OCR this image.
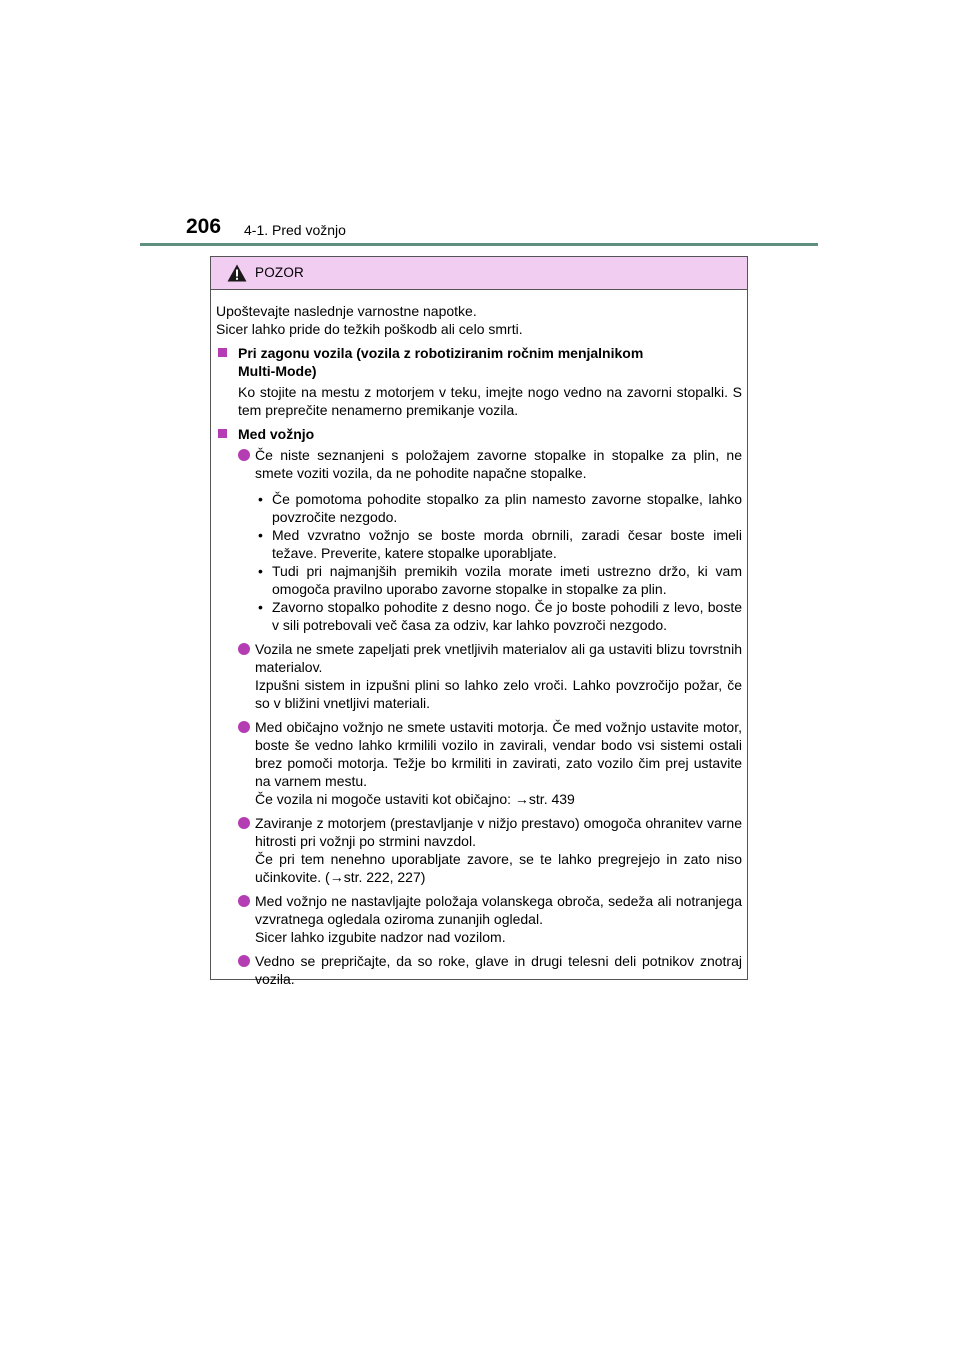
206 4-1. Pred vožnjo
POZOR

Upoštevajte naslednje varnostne napotke.

Sicer lahko pride do težkih poškodb ali celo smrti.

Pri zagonu vozila (vozila z robotiziranim ročnim menjalnikom
Multi-Mode)

Ko stojite na mestu z motorjem v teku, imejte nogo vedno na zavorni stopalki. S tem preprečite nenamerno premikanje vozila.

Med vožnjo

Če niste seznanjeni s položajem zavorne stopalke in stopalke za plin, ne smete voziti vozila, da ne pohodite napačne stopalke.
• Če pomotoma pohodite stopalko za plin namesto zavorne stopalke, lahko povzročite nezgodo.
• Med vzvratno vožnjo se boste morda obrnili, zaradi česar boste imeli težave. Preverite, katere stopalke uporabljate.
• Tudi pri najmanjših premikih vozila morate imeti ustrezno držo, ki vam omogoča pravilno uporabo zavorne stopalke in stopalke za plin.
• Zavorno stopalko pohodite z desno nogo. Če jo boste pohodili z levo, boste v sili potrebovali več časa za odziv, kar lahko povzroči nezgodo.
Vozila ne smete zapeljati prek vnetljivih materialov ali ga ustaviti blizu tovrstnih materialov.
Izpušni sistem in izpušni plini so lahko zelo vroči. Lahko povzročijo požar, če so v bližini vnetljivi materiali.
Med običajno vožnjo ne smete ustaviti motorja. Če med vožnjo ustavite motor, boste še vedno lahko krmilili vozilo in zavirali, vendar bodo vsi sistemi ostali brez pomoči motorja. Težje bo krmiliti in zavirati, zato vozilo čim prej ustavite na varnem mestu.
Če vozila ni mogoče ustaviti kot običajno: →str. 439
Zaviranje z motorjem (prestavljanje v nižjo prestavo) omogoča ohranitev varne hitrosti pri vožnji po strmini navzdol.
Če pri tem nenehno uporabljate zavore, se te lahko pregrejejo in zato niso učinkovite. (→str. 222, 227)
Med vožnjo ne nastavljajte položaja volanskega obroča, sedeža ali notranjega vzvratnega ogledala oziroma zunanjih ogledal.
Sicer lahko izgubite nadzor nad vozilom.
Vedno se prepričajte, da so roke, glave in drugi telesni deli potnikov znotraj vozila.
